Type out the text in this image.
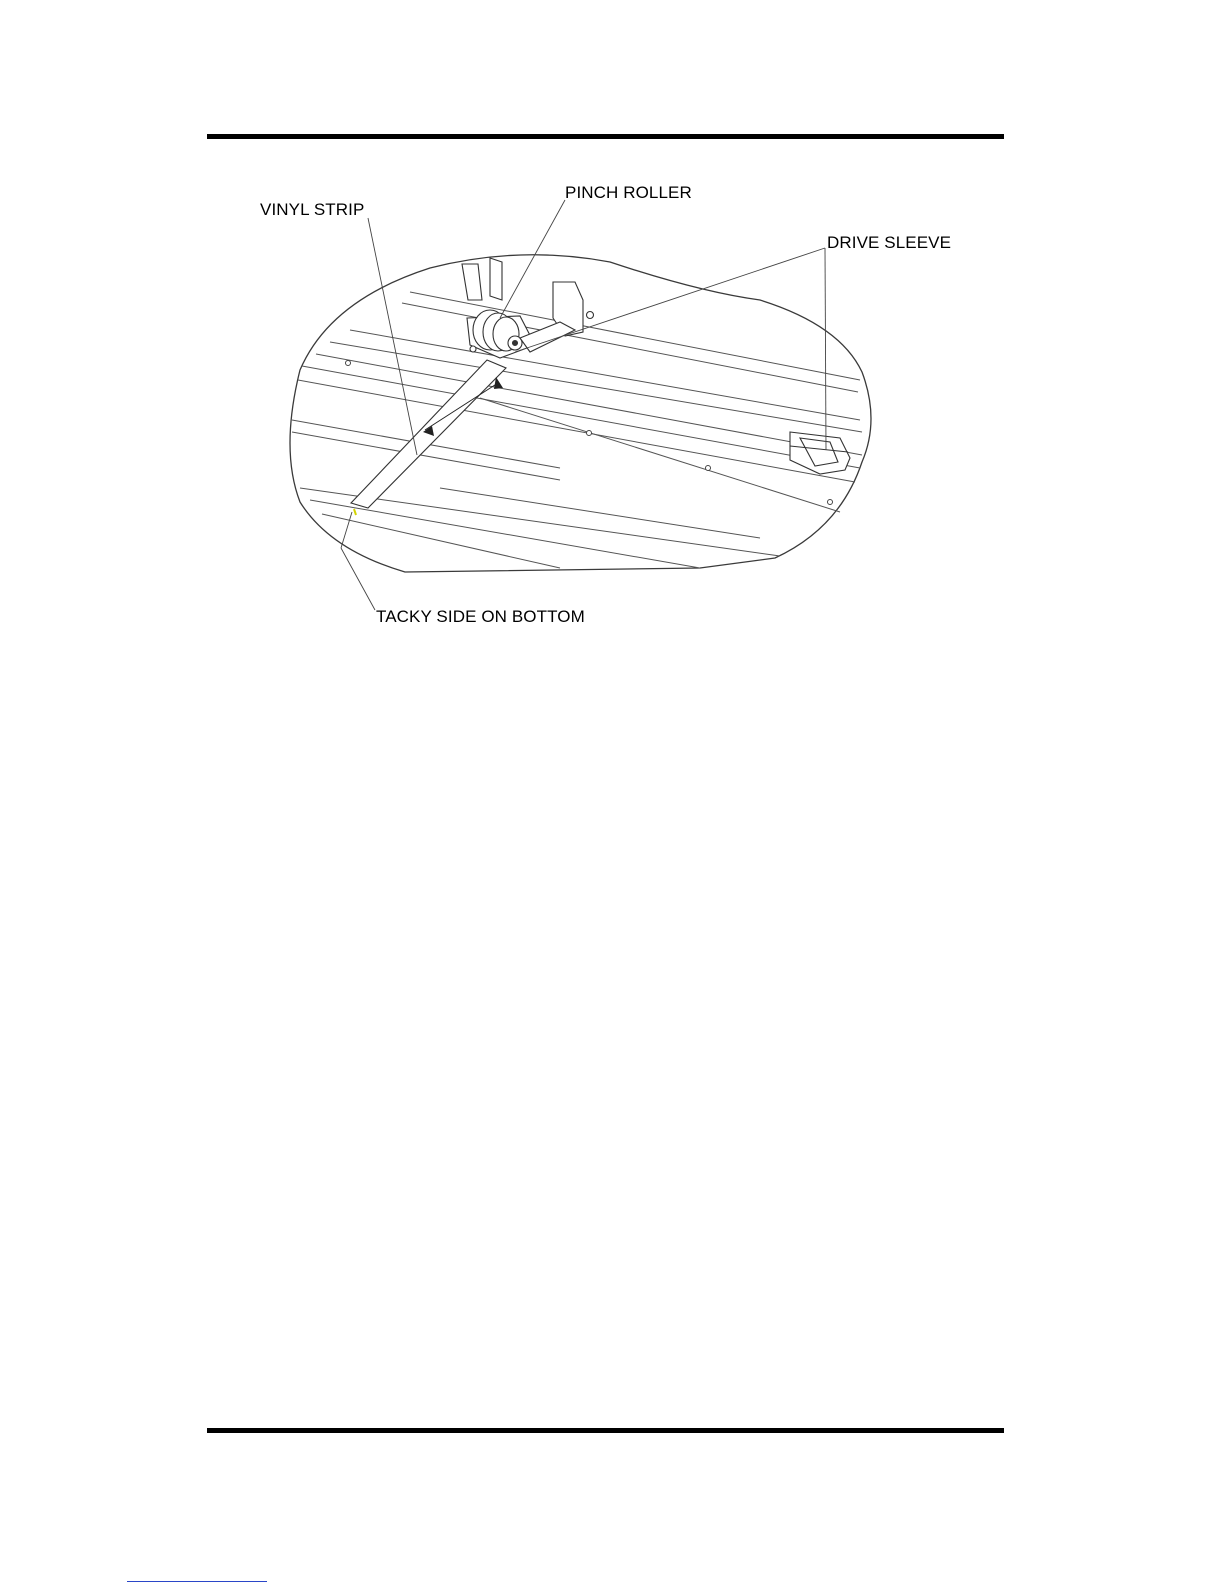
VINYL STRIP
PINCH ROLLER
DRIVE SLEEVE
TACKY SIDE ON BOTTOM
